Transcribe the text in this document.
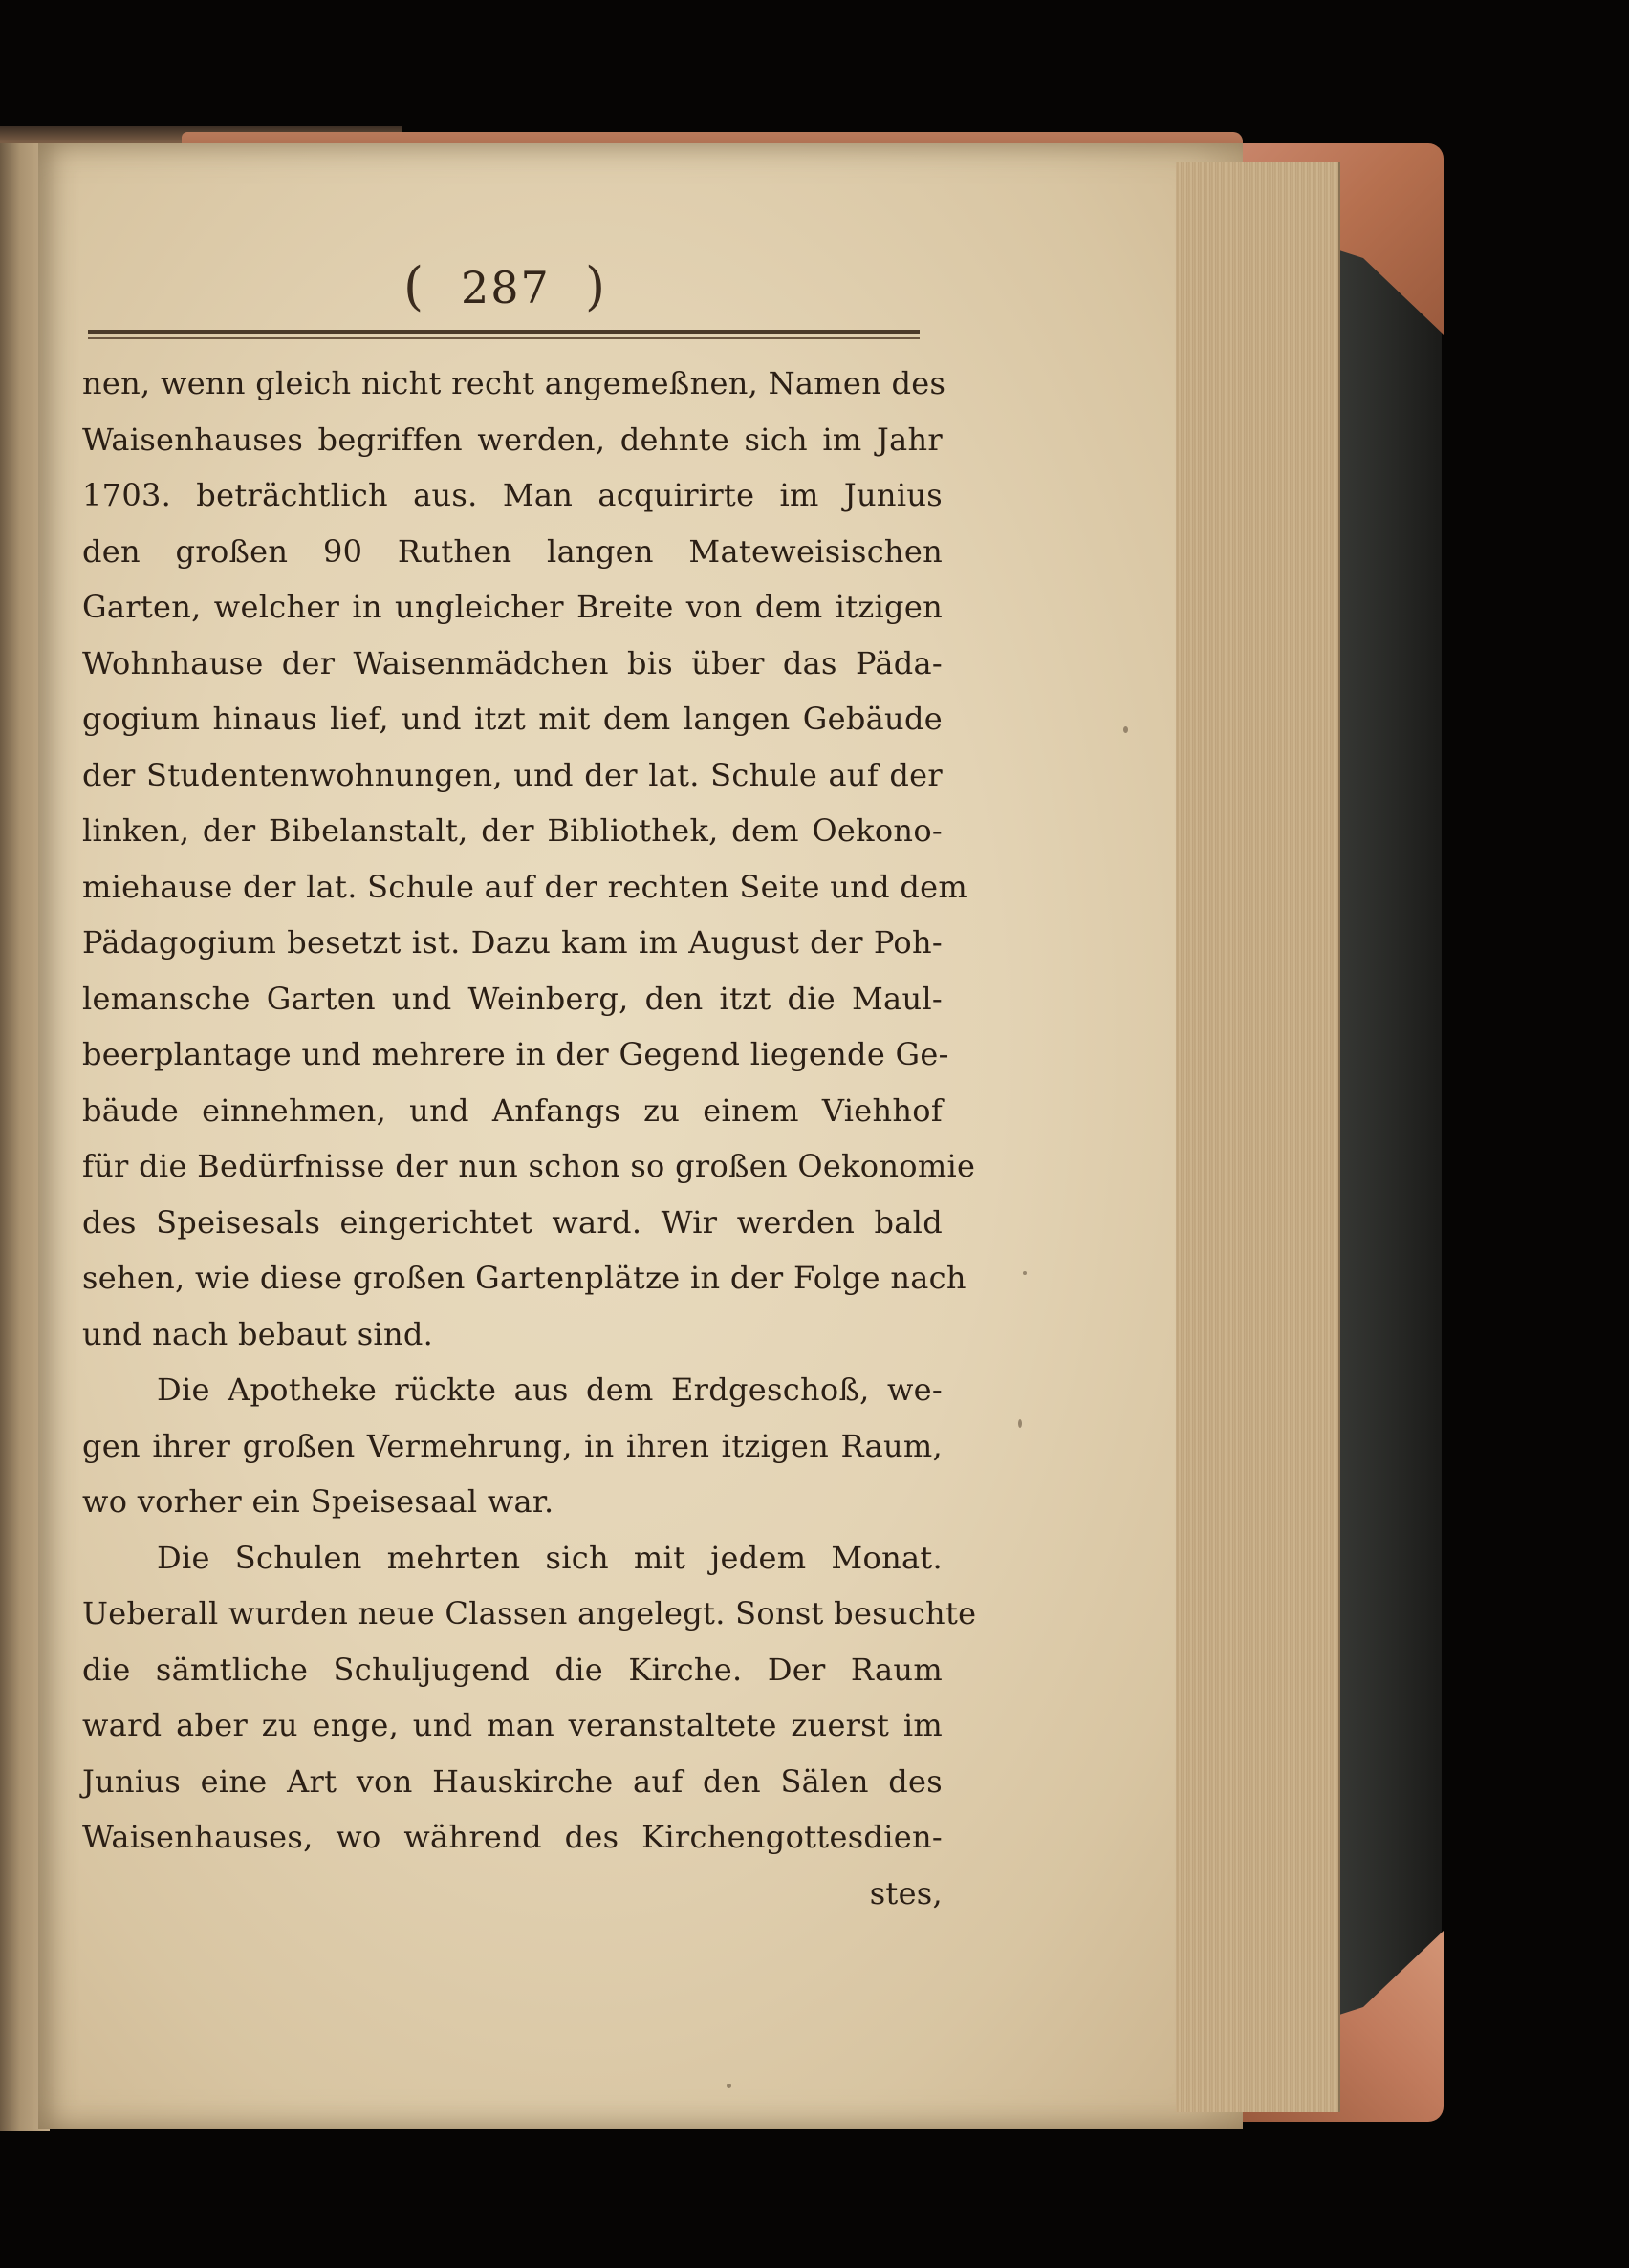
( 287 )
nen, wenn gleich nicht recht angemeßnen, Namen des
Waisenhauses begriffen werden, dehnte sich im Jahr
1703. beträchtlich aus. Man acquirirte im Junius
den großen 90 Ruthen langen Mateweisischen
Garten, welcher in ungleicher Breite von dem itzigen
Wohnhause der Waisenmädchen bis über das Päda-
gogium hinaus lief, und itzt mit dem langen Gebäude
der Studentenwohnungen, und der lat. Schule auf der
linken, der Bibelanstalt, der Bibliothek, dem Oekono-
miehause der lat. Schule auf der rechten Seite und dem
Pädagogium besetzt ist. Dazu kam im August der Poh-
lemansche Garten und Weinberg, den itzt die Maul-
beerplantage und mehrere in der Gegend liegende Ge-
bäude einnehmen, und Anfangs zu einem Viehhof
für die Bedürfnisse der nun schon so großen Oekonomie
des Speisesals eingerichtet ward. Wir werden bald
sehen, wie diese großen Gartenplätze in der Folge nach
und nach bebaut sind.
Die Apotheke rückte aus dem Erdgeschoß, we-
gen ihrer großen Vermehrung, in ihren itzigen Raum,
wo vorher ein Speisesaal war.
Die Schulen mehrten sich mit jedem Monat.
Ueberall wurden neue Classen angelegt. Sonst besuchte
die sämtliche Schuljugend die Kirche. Der Raum
ward aber zu enge, und man veranstaltete zuerst im
Junius eine Art von Hauskirche auf den Sälen des
Waisenhauses, wo während des Kirchengottesdien-
stes,
